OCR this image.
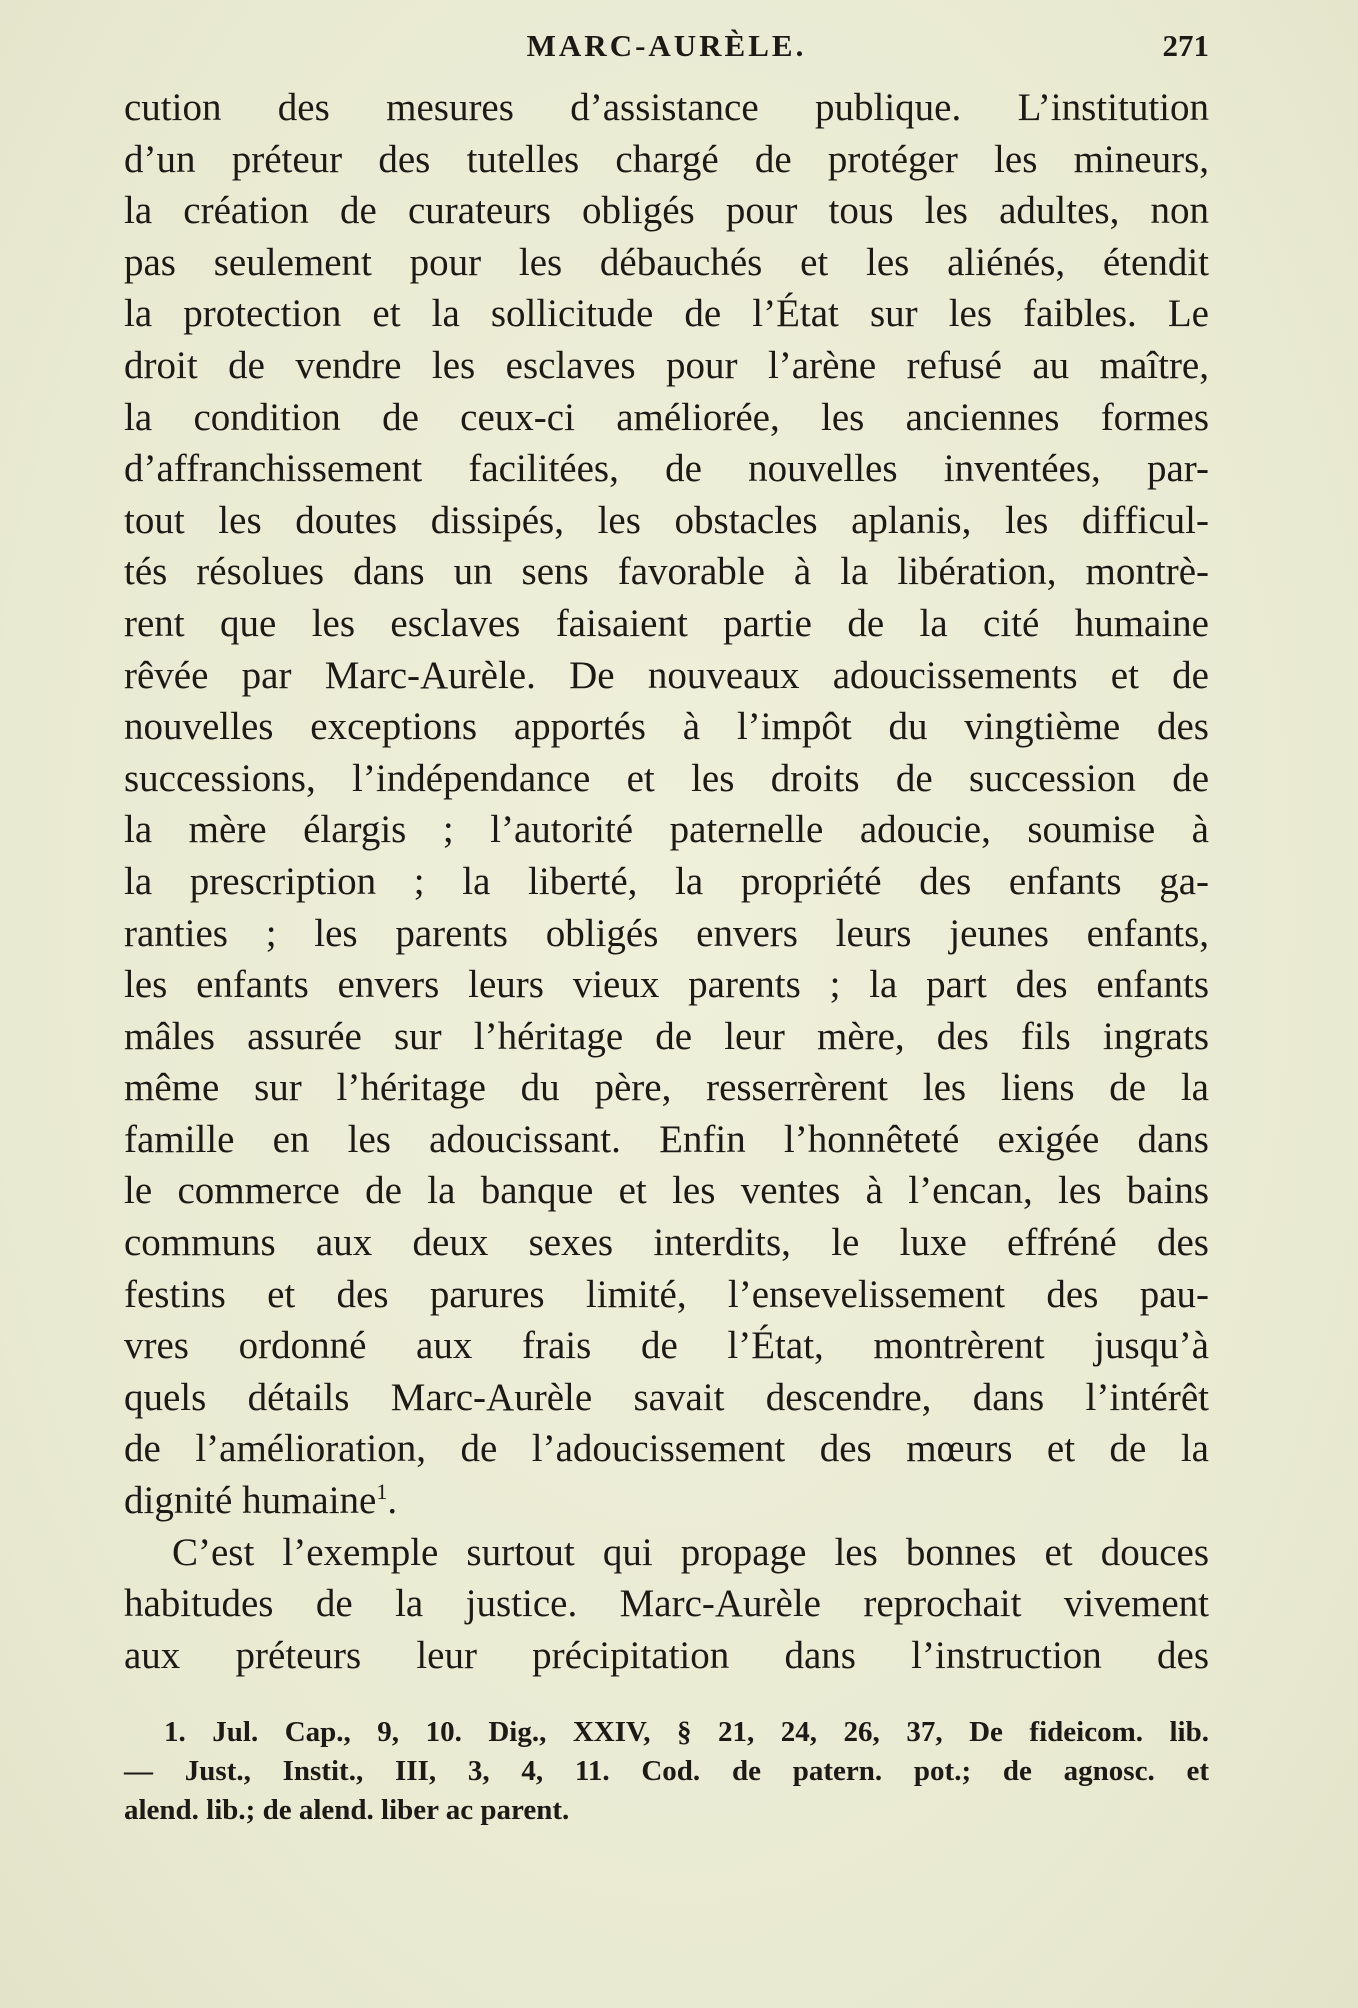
MARC-AURÈLE.	271
cution des mesures d’assistance publique. L’institution
d’un préteur des tutelles chargé de protéger les mineurs,
la création de curateurs obligés pour tous les adultes, non
pas seulement pour les débauchés et les aliénés, étendit
la protection et la sollicitude de l’État sur les faibles. Le
droit de vendre les esclaves pour l’arène refusé au maître,
la condition de ceux-ci améliorée, les anciennes formes
d’affranchissement facilitées, de nouvelles inventées, par-
tout les doutes dissipés, les obstacles aplanis, les difficul-
tés résolues dans un sens favorable à la libération, montrè-
rent que les esclaves faisaient partie de la cité humaine
rêvée par Marc-Aurèle. De nouveaux adoucissements et de
nouvelles exceptions apportés à l’impôt du vingtième des
successions, l’indépendance et les droits de succession de
la mère élargis ; l’autorité paternelle adoucie, soumise à
la prescription ; la liberté, la propriété des enfants ga-
ranties ; les parents obligés envers leurs jeunes enfants,
les enfants envers leurs vieux parents ; la part des enfants
mâles assurée sur l’héritage de leur mère, des fils ingrats
même sur l’héritage du père, resserrèrent les liens de la
famille en les adoucissant. Enfin l’honnêteté exigée dans
le commerce de la banque et les ventes à l’encan, les bains
communs aux deux sexes interdits, le luxe effréné des
festins et des parures limité, l’ensevelissement des pau-
vres ordonné aux frais de l’État, montrèrent jusqu’à
quels détails Marc-Aurèle savait descendre, dans l’intérêt
de l’amélioration, de l’adoucissement des mœurs et de la
dignité humaine$^1$.
C’est l’exemple surtout qui propage les bonnes et douces
habitudes de la justice. Marc-Aurèle reprochait vivement
aux préteurs leur précipitation dans l’instruction des
1. Jul. Cap., 9, 10. Dig., XXIV, § 21, 24, 26, 37, De fideicom. lib.
— Just., Instit., III, 3, 4, 11. Cod. de patern. pot.; de agnosc. et
alend. lib.; de alend. liber ac parent.
